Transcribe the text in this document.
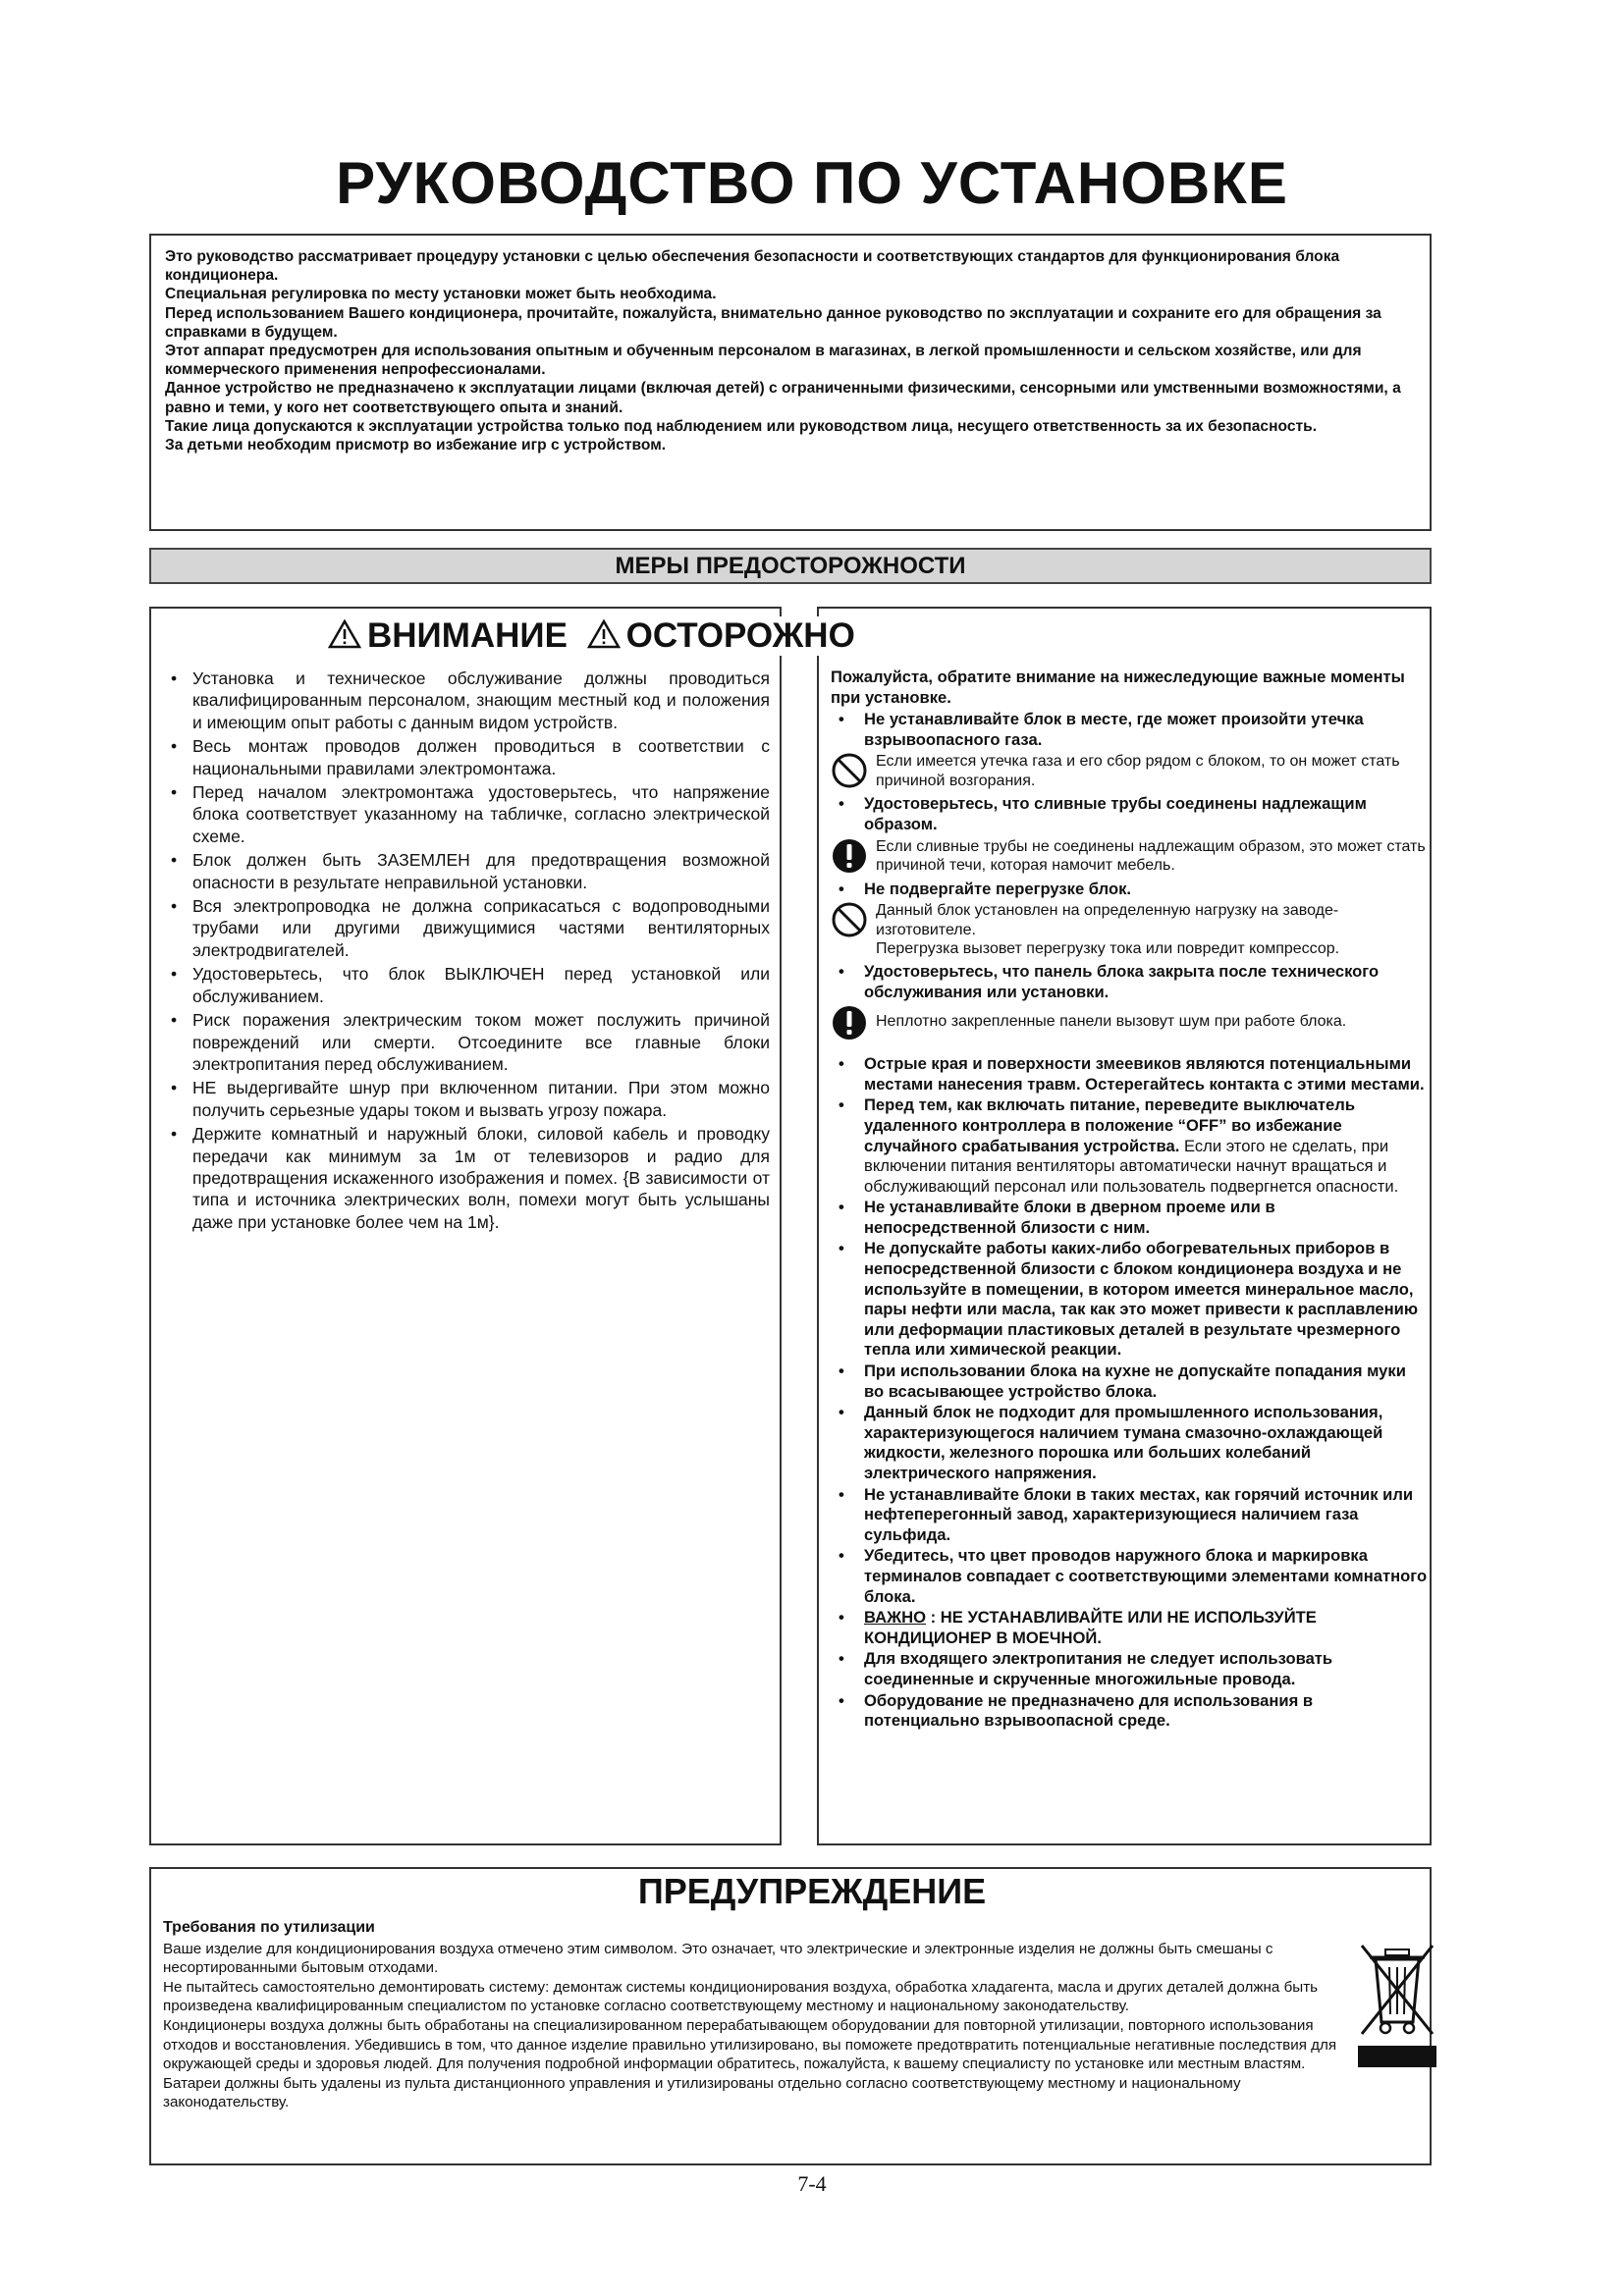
РУКОВОДСТВО ПО УСТАНОВКЕ

Это руководство рассматривает процедуру установки с целью обеспечения безопасности и соответствующих стандартов для функционирования блока кондиционера.

Специальная регулировка по месту установки может быть необходима.

Перед использованием Вашего кондиционера, прочитайте, пожалуйста, внимательно данное руководство по эксплуатации и сохраните его для обращения за справками в будущем.

Этот аппарат предусмотрен для использования опытным и обученным персоналом в магазинах, в легкой промышленности и сельском хозяйстве, или для коммерческого применения непрофессионалами.

Данное устройство не предназначено к эксплуатации лицами (включая детей) с ограниченными физическими, сенсорными или умственными возможностями, а равно и теми, у кого нет соответствующего опыта и знаний.

Такие лица допускаются к эксплуатации устройства только под наблюдением или руководством лица, несущего ответственность за их безопасность.

За детьми необходим присмотр во избежание игр с устройством.

МЕРЫ ПРЕДОСТОРОЖНОСТИ
ВНИМАНИЕ ОСТОРОЖНО
• Установка и техническое обслуживание должны проводиться квалифицированным персоналом, знающим местный код и положения и имеющим опыт работы с данным видом устройств.
• Весь монтаж проводов должен проводиться в соответствии с национальными правилами электромонтажа.
• Перед началом электромонтажа удостоверьтесь, что напряжение блока соответствует указанному на табличке, согласно электрической схеме.
• Блок должен быть ЗАЗЕМЛЕН для предотвращения возможной опасности в результате неправильной установки.
• Вся электропроводка не должна соприкасаться с водопроводными трубами или другими движущимися частями вентиляторных электродвигателей.
• Удостоверьтесь, что блок ВЫКЛЮЧЕН перед установкой или обслуживанием.
• Риск поражения электрическим током может послужить причиной повреждений или смерти. Отсоедините все главные блоки электропитания перед обслуживанием.
• НЕ выдергивайте шнур при включенном питании. При этом можно получить серьезные удары током и вызвать угрозу пожара.
• Держите комнатный и наружный блоки, силовой кабель и проводку передачи как минимум за 1м от телевизоров и радио для предотвращения искаженного изображения и помех. {В зависимости от типа и источника электрических волн, помехи могут быть услышаны даже при установке более чем на 1м}.

Пожалуйста, обратите внимание на нижеследующие важные моменты при установке.

• Не устанавливайте блок в месте, где может произойти утечка взрывоопасного газа.
Если имеется утечка газа и его сбор рядом с блоком, то он может стать причиной возгорания.
• Удостоверьтесь, что сливные трубы соединены надлежащим образом.
Если сливные трубы не соединены надлежащим образом, это может стать причиной течи, которая намочит мебель.
• Не подвергайте перегрузке блок.
Данный блок установлен на определенную нагрузку на заводе-изготовителе.
Перегрузка вызовет перегрузку тока или повредит компрессор.
• Удостоверьтесь, что панель блока закрыта после технического обслуживания или установки.
Неплотно закрепленные панели вызовут шум при работе блока.
• Острые края и поверхности змеевиков являются потенциальными местами нанесения травм. Остерегайтесь контакта с этими местами.
• Перед тем, как включать питание, переведите выключатель удаленного контроллера в положение “OFF” во избежание случайного срабатывания устройства. Если этого не сделать, при включении питания вентиляторы автоматически начнут вращаться и обслуживающий персонал или пользователь подвергнется опасности.
• Не устанавливайте блоки в дверном проеме или в непосредственной близости с ним.
• Не допускайте работы каких-либо обогревательных приборов в непосредственной близости с блоком кондиционера воздуха и не используйте в помещении, в котором имеется минеральное масло, пары нефти или масла, так как это может привести к расплавлению или деформации пластиковых деталей в результате чрезмерного тепла или химической реакции.
• При использовании блока на кухне не допускайте попадания муки во всасывающее устройство блока.
• Данный блок не подходит для промышленного использования, характеризующегося наличием тумана смазочно-охлаждающей жидкости, железного порошка или больших колебаний электрического напряжения.
• Не устанавливайте блоки в таких местах, как горячий источник или нефтеперегонный завод, характеризующиеся наличием газа сульфида.
• Убедитесь, что цвет проводов наружного блока и маркировка терминалов совпадает с соответствующими элементами комнатного блока.
• ВАЖНО : НЕ УСТАНАВЛИВАЙТЕ ИЛИ НЕ ИСПОЛЬЗУЙТЕ КОНДИЦИОНЕР В МОЕЧНОЙ.
• Для входящего электропитания не следует использовать соединенные и скрученные многожильные провода.
• Оборудование не предназначено для использования в потенциально взрывоопасной среде.
ПРЕДУПРЕЖДЕНИЕ

Требования по утилизации

Ваше изделие для кондиционирования воздуха отмечено этим символом. Это означает, что электрические и электронные изделия не должны быть смешаны с несортированными бытовым отходами.

Не пытайтесь самостоятельно демонтировать систему: демонтаж системы кондиционирования воздуха, обработка хладагента, масла и других деталей должна быть произведена квалифицированным специалистом по установке согласно соответствующему местному и национальному законодательству.

Кондиционеры воздуха должны быть обработаны на специализированном перерабатывающем оборудовании для повторной утилизации, повторного использования отходов и восстановления. Убедившись в том, что данное изделие правильно утилизировано, вы поможете предотвратить потенциальные негативные последствия для окружающей среды и здоровья людей. Для получения подробной информации обратитесь, пожалуйста, к вашему специалисту по установке или местным властям.

Батареи должны быть удалены из пульта дистанционного управления и утилизированы отдельно согласно соответствующему местному и национальному законодательству.

7-4
